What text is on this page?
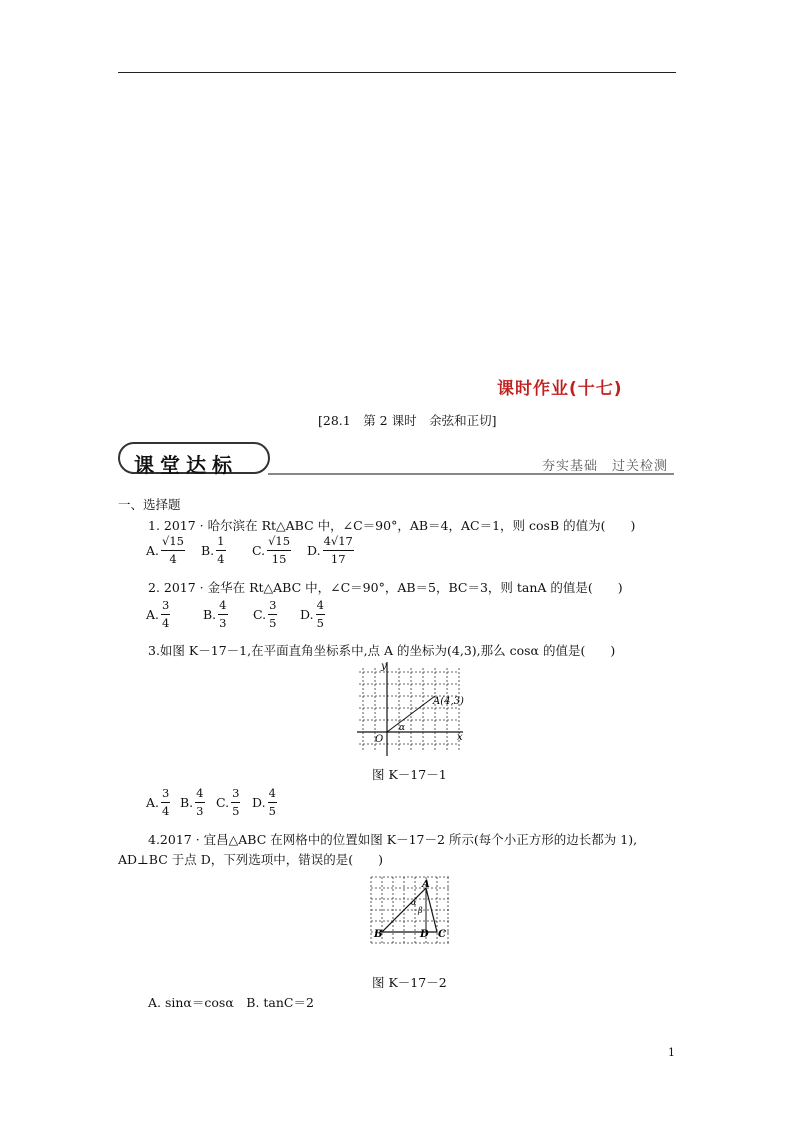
课时作业(十七)
[28.1　第 2 课时　余弦和正切]
课堂达标	夯实基础　过关检测
一、选择题
1. 2017 · 哈尔滨在 Rt△ABC 中，∠C＝90°，AB＝4，AC＝1，则 cosB 的值为(　　)
A. $\frac{√15}{4} B$. $\frac{1}{4} C$. $\frac{√15}{15} D$. $\frac{4√17}{17}$
2. 2017 · 金华在 Rt△ABC 中，∠C＝90°，AB＝5，BC＝3，则 tanA 的值是(　　)
A. $\frac{3}{4}$	B. $\frac{4}{3} C$. $\frac{3}{5} D$. $\frac{4}{5}$
3.如图 K－17－1,在平面直角坐标系中,点 A 的坐标为(4,3),那么 cosα 的值是(　　)
y
x
O
A(4,3)
α
图 K－17－1
A. $\frac{3}{4} B$. $\frac{4}{3} C$. $\frac{3}{5} D$. $\frac{4}{5}$
4.2017 · 宜昌△ABC 在网格中的位置如图 K－17－2 所示(每个小正方形的边长都为 1),
AD⊥BC 于点 D，下列选项中，错误的是(　　)
A
B	C
D
α
β
图 K－17－2
A. sinα＝cosα　B. tanC＝2
1
